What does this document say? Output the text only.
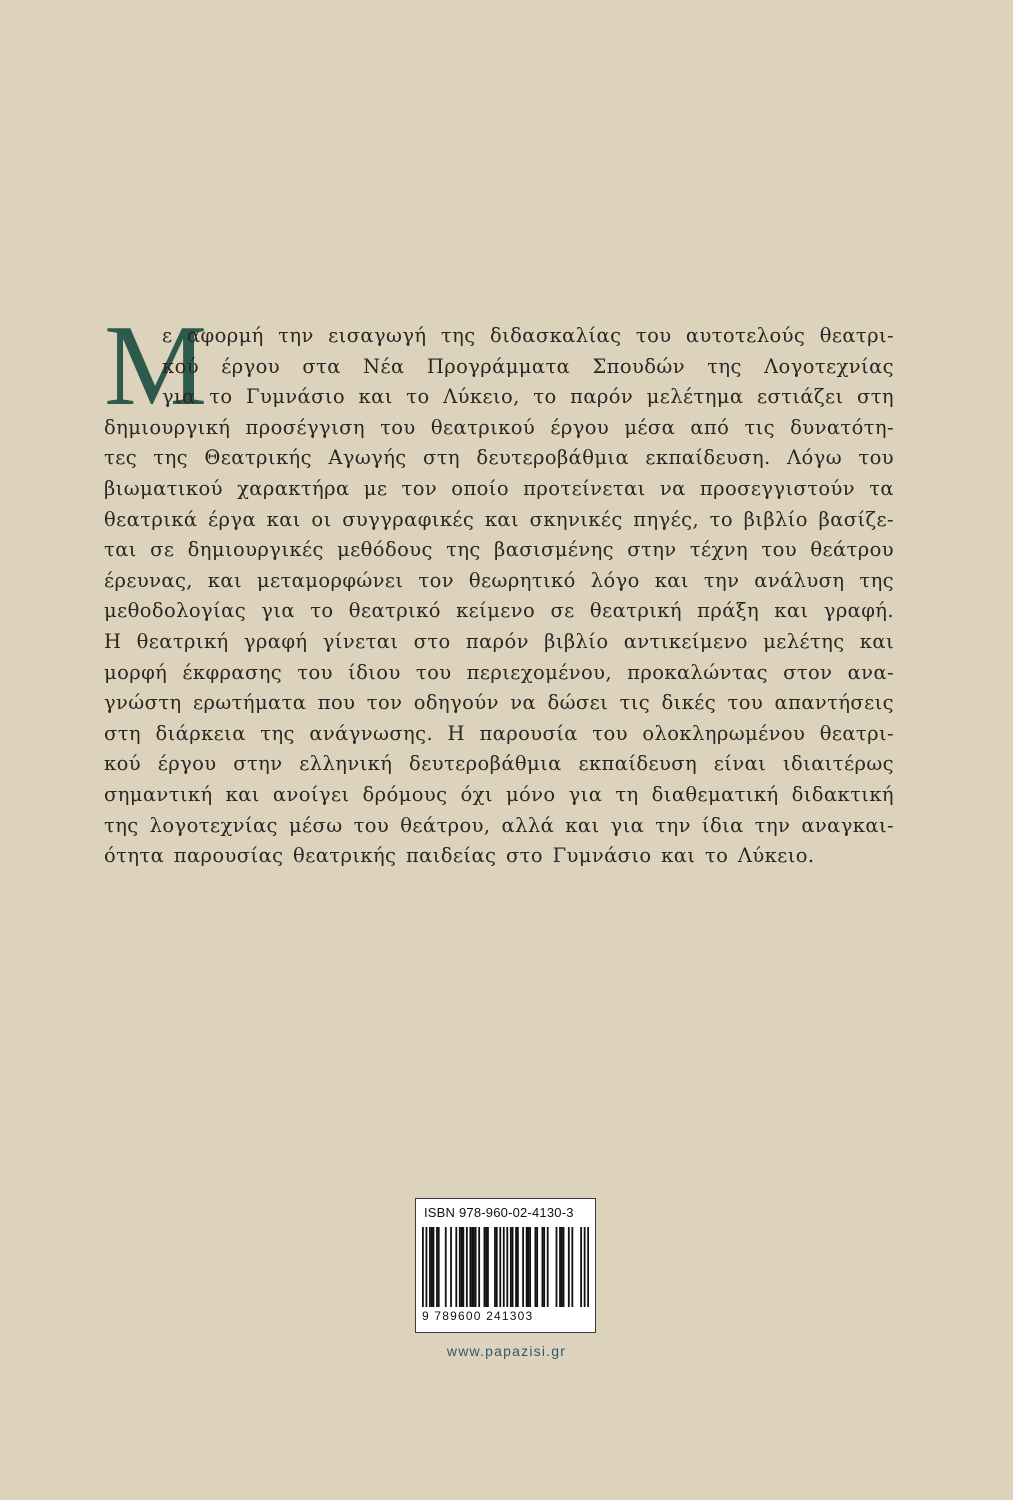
Μ
ε αφορμή την εισαγωγή της διδασκαλίας του αυτοτελούς θεατρι-
κού έργου στα Νέα Προγράμματα Σπουδών της Λογοτεχνίας
για το Γυμνάσιο και το Λύκειο, το παρόν μελέτημα εστιάζει στη
δημιουργική προσέγγιση του θεατρικού έργου μέσα από τις δυνατότη-
τες της Θεατρικής Αγωγής στη δευτεροβάθμια εκπαίδευση. Λόγω του
βιωματικού χαρακτήρα με τον οποίο προτείνεται να προσεγγιστούν τα
θεατρικά έργα και οι συγγραφικές και σκηνικές πηγές, το βιβλίο βασίζε-
ται σε δημιουργικές μεθόδους της βασισμένης στην τέχνη του θεάτρου
έρευνας, και μεταμορφώνει τον θεωρητικό λόγο και την ανάλυση της
μεθοδολογίας για το θεατρικό κείμενο σε θεατρική πράξη και γραφή.
Η θεατρική γραφή γίνεται στο παρόν βιβλίο αντικείμενο μελέτης και
μορφή έκφρασης του ίδιου του περιεχομένου, προκαλώντας στον ανα-
γνώστη ερωτήματα που τον οδηγούν να δώσει τις δικές του απαντήσεις
στη διάρκεια της ανάγνωσης. Η παρουσία του ολοκληρωμένου θεατρι-
κού έργου στην ελληνική δευτεροβάθμια εκπαίδευση είναι ιδιαιτέρως
σημαντική και ανοίγει δρόμους όχι μόνο για τη διαθεματική διδακτική
της λογοτεχνίας μέσω του θεάτρου, αλλά και για την ίδια την αναγκαι-
ότητα παρουσίας θεατρικής παιδείας στο Γυμνάσιο και το Λύκειο.
ISBN 978-960-02-4130-3
9 789600 241303
www.papazisi.gr
